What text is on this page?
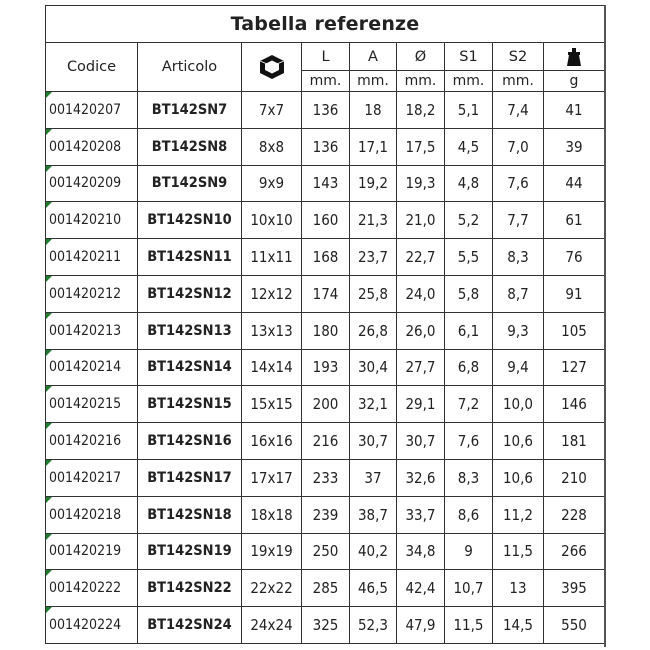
Tabella referenze
Codice	Articolo		L	A	Ø	S1	S2	
			mm.	mm.	mm.	mm.	mm.	g
001420207	BT142SN7	7x7	136	18	18,2	5,1	7,4	41
001420208	BT142SN8	8x8	136	17,1	17,5	4,5	7,0	39
001420209	BT142SN9	9x9	143	19,2	19,3	4,8	7,6	44
001420210	BT142SN10	10x10	160	21,3	21,0	5,2	7,7	61
001420211	BT142SN11	11x11	168	23,7	22,7	5,5	8,3	76
001420212	BT142SN12	12x12	174	25,8	24,0	5,8	8,7	91
001420213	BT142SN13	13x13	180	26,8	26,0	6,1	9,3	105
001420214	BT142SN14	14x14	193	30,4	27,7	6,8	9,4	127
001420215	BT142SN15	15x15	200	32,1	29,1	7,2	10,0	146
001420216	BT142SN16	16x16	216	30,7	30,7	7,6	10,6	181
001420217	BT142SN17	17x17	233	37	32,6	8,3	10,6	210
001420218	BT142SN18	18x18	239	38,7	33,7	8,6	11,2	228
001420219	BT142SN19	19x19	250	40,2	34,8	9	11,5	266
001420222	BT142SN22	22x22	285	46,5	42,4	10,7	13	395
001420224	BT142SN24	24x24	325	52,3	47,9	11,5	14,5	550
